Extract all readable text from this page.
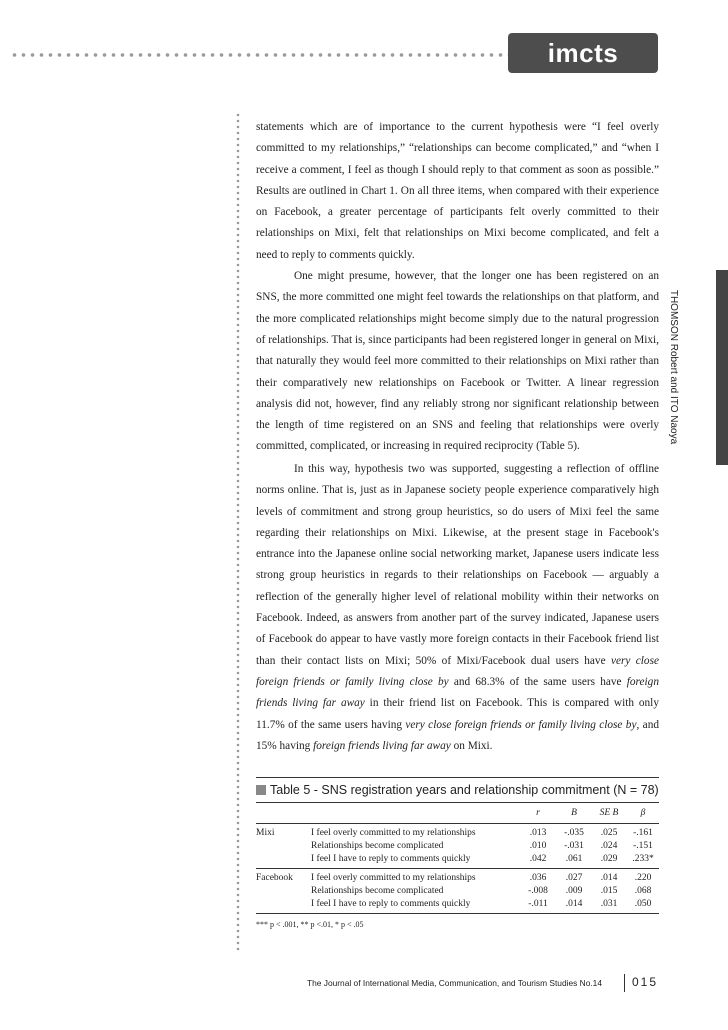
imcts
THOMSON Robert and ITO Naoya

statements which are of importance to the current hypothesis were “I feel overly committed to my relationships,” “relationships can become complicated,” and “when I receive a comment, I feel as though I should reply to that comment as soon as possible.” Results are outlined in Chart 1. On all three items, when compared with their experience on Facebook, a greater percentage of participants felt overly committed to their relationships on Mixi, felt that relationships on Mixi become complicated, and felt a need to reply to comments quickly.

One might presume, however, that the longer one has been registered on an SNS, the more committed one might feel towards the relationships on that platform, and the more complicated relationships might become simply due to the natural progression of relationships. That is, since participants had been registered longer in general on Mixi, that naturally they would feel more committed to their relationships on Mixi rather than their comparatively new relationships on Facebook or Twitter. A linear regression analysis did not, however, find any reliably strong nor significant relationship between the length of time registered on an SNS and feeling that relationships were overly committed, complicated, or increasing in required reciprocity (Table 5).

In this way, hypothesis two was supported, suggesting a reflection of offline norms online. That is, just as in Japanese society people experience comparatively high levels of commitment and strong group heuristics, so do users of Mixi feel the same regarding their relationships on Mixi. Likewise, at the present stage in Facebook's entrance into the Japanese online social networking market, Japanese users indicate less strong group heuristics in regards to their relationships on Facebook — arguably a reflection of the generally higher level of relational mobility within their networks on Facebook. Indeed, as answers from another part of the survey indicated, Japanese users of Facebook do appear to have vastly more foreign contacts in their Facebook friend list than their contact lists on Mixi; 50% of Mixi/Facebook dual users have very close foreign friends or family living close by and 68.3% of the same users have foreign friends living far away in their friend list on Facebook. This is compared with only 11.7% of the same users having very close foreign friends or family living close by, and 15% having foreign friends living far away on Mixi.

Table 5 - SNS registration years and relationship commitment (N = 78)
		r	B	SE B	β
Mixi	I feel overly committed to my relationships	.013	-.035	.025	-.161
	Relationships become complicated	.010	-.031	.024	-.151
	I feel I have to reply to comments quickly	.042	.061	.029	.233*
Facebook	I feel overly committed to my relationships	.036	.027	.014	.220
	Relationships become complicated	-.008	.009	.015	.068
	I feel I have to reply to comments quickly	-.011	.014	.031	.050
*** p < .001, ** p <.01, * p < .05
The Journal of International Media, Communication, and Tourism Studies No.14	015
